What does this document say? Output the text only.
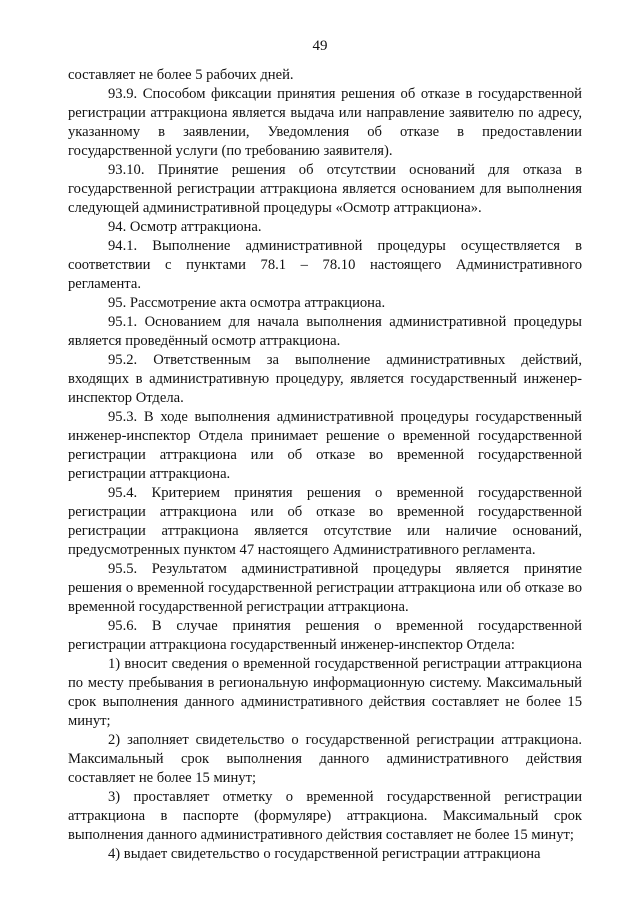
49

составляет не более 5 рабочих дней.

93.9. Способом фиксации принятия решения об отказе в государственной регистрации аттракциона является выдача или направление заявителю по адресу, указанному в заявлении, Уведомления об отказе в предоставлении государственной услуги (по требованию заявителя).

93.10. Принятие решения об отсутствии оснований для отказа в государственной регистрации аттракциона является основанием для выполнения следующей административной процедуры «Осмотр аттракциона».

94. Осмотр аттракциона.

94.1. Выполнение административной процедуры осуществляется в соответствии с пунктами 78.1 – 78.10 настоящего Административного регламента.

95. Рассмотрение акта осмотра аттракциона.

95.1. Основанием для начала выполнения административной процедуры является проведённый осмотр аттракциона.

95.2. Ответственным за выполнение административных действий, входящих в административную процедуру, является государственный инженер-инспектор Отдела.

95.3. В ходе выполнения административной процедуры государственный инженер-инспектор Отдела принимает решение о временной государственной регистрации аттракциона или об отказе во временной государственной регистрации аттракциона.

95.4. Критерием принятия решения о временной государственной регистрации аттракциона или об отказе во временной государственной регистрации аттракциона является отсутствие или наличие оснований, предусмотренных пунктом 47 настоящего Административного регламента.

95.5. Результатом административной процедуры является принятие решения о временной государственной регистрации аттракциона или об отказе во временной государственной регистрации аттракциона.

95.6. В случае принятия решения о временной государственной регистрации аттракциона государственный инженер-инспектор Отдела:

1) вносит сведения о временной государственной регистрации аттракциона по месту пребывания в региональную информационную систему. Максимальный срок выполнения данного административного действия составляет не более 15 минут;

2) заполняет свидетельство о государственной регистрации аттракциона. Максимальный срок выполнения данного административного действия составляет не более 15 минут;

3) проставляет отметку о временной государственной регистрации аттракциона в паспорте (формуляре) аттракциона. Максимальный срок выполнения данного административного действия составляет не более 15 минут;

4) выдает свидетельство о государственной регистрации аттракциона
